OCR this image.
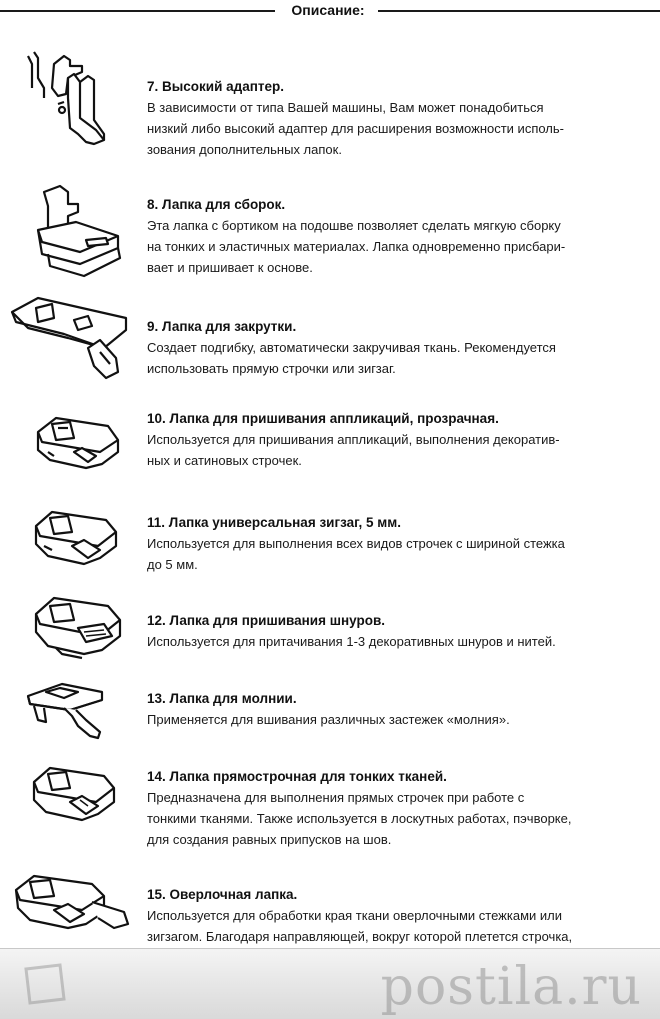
Описание:

7. Высокий адаптер.

В зависимости от типа Вашей машины, Вам может понадобиться

низкий либо высокий адаптер для расширения возможности исполь-

зования дополнительных лапок.

8. Лапка для сборок.

Эта лапка с бортиком на подошве позволяет сделать мягкую сборку

на тонких и эластичных материалах. Лапка одновременно присбари-

вает и пришивает к основе.

9. Лапка для закрутки.

Создает подгибку, автоматически закручивая ткань. Рекомендуется

использовать прямую строчки или зигзаг.

10. Лапка для пришивания аппликаций, прозрачная.

Используется для пришивания аппликаций, выполнения декоратив-

ных и сатиновых строчек.

11. Лапка универсальная зигзаг, 5 мм.

Используется для выполнения всех видов строчек с шириной стежка

до 5 мм.

12. Лапка для пришивания шнуров.

Используется для притачивания 1-3 декоративных шнуров и нитей.

13. Лапка для молнии.

Применяется для вшивания различных застежек «молния».

14. Лапка прямострочная для тонких тканей.

Предназначена для выполнения прямых строчек при работе с

тонкими тканями. Также используется в лоскутных работах, пэчворке,

для создания равных припусков на шов.

15. Оверлочная лапка.

Используется для обработки края ткани оверлочными стежками или

зигзагом. Благодаря направляющей, вокруг которой плетется строчка,

postila.ru
